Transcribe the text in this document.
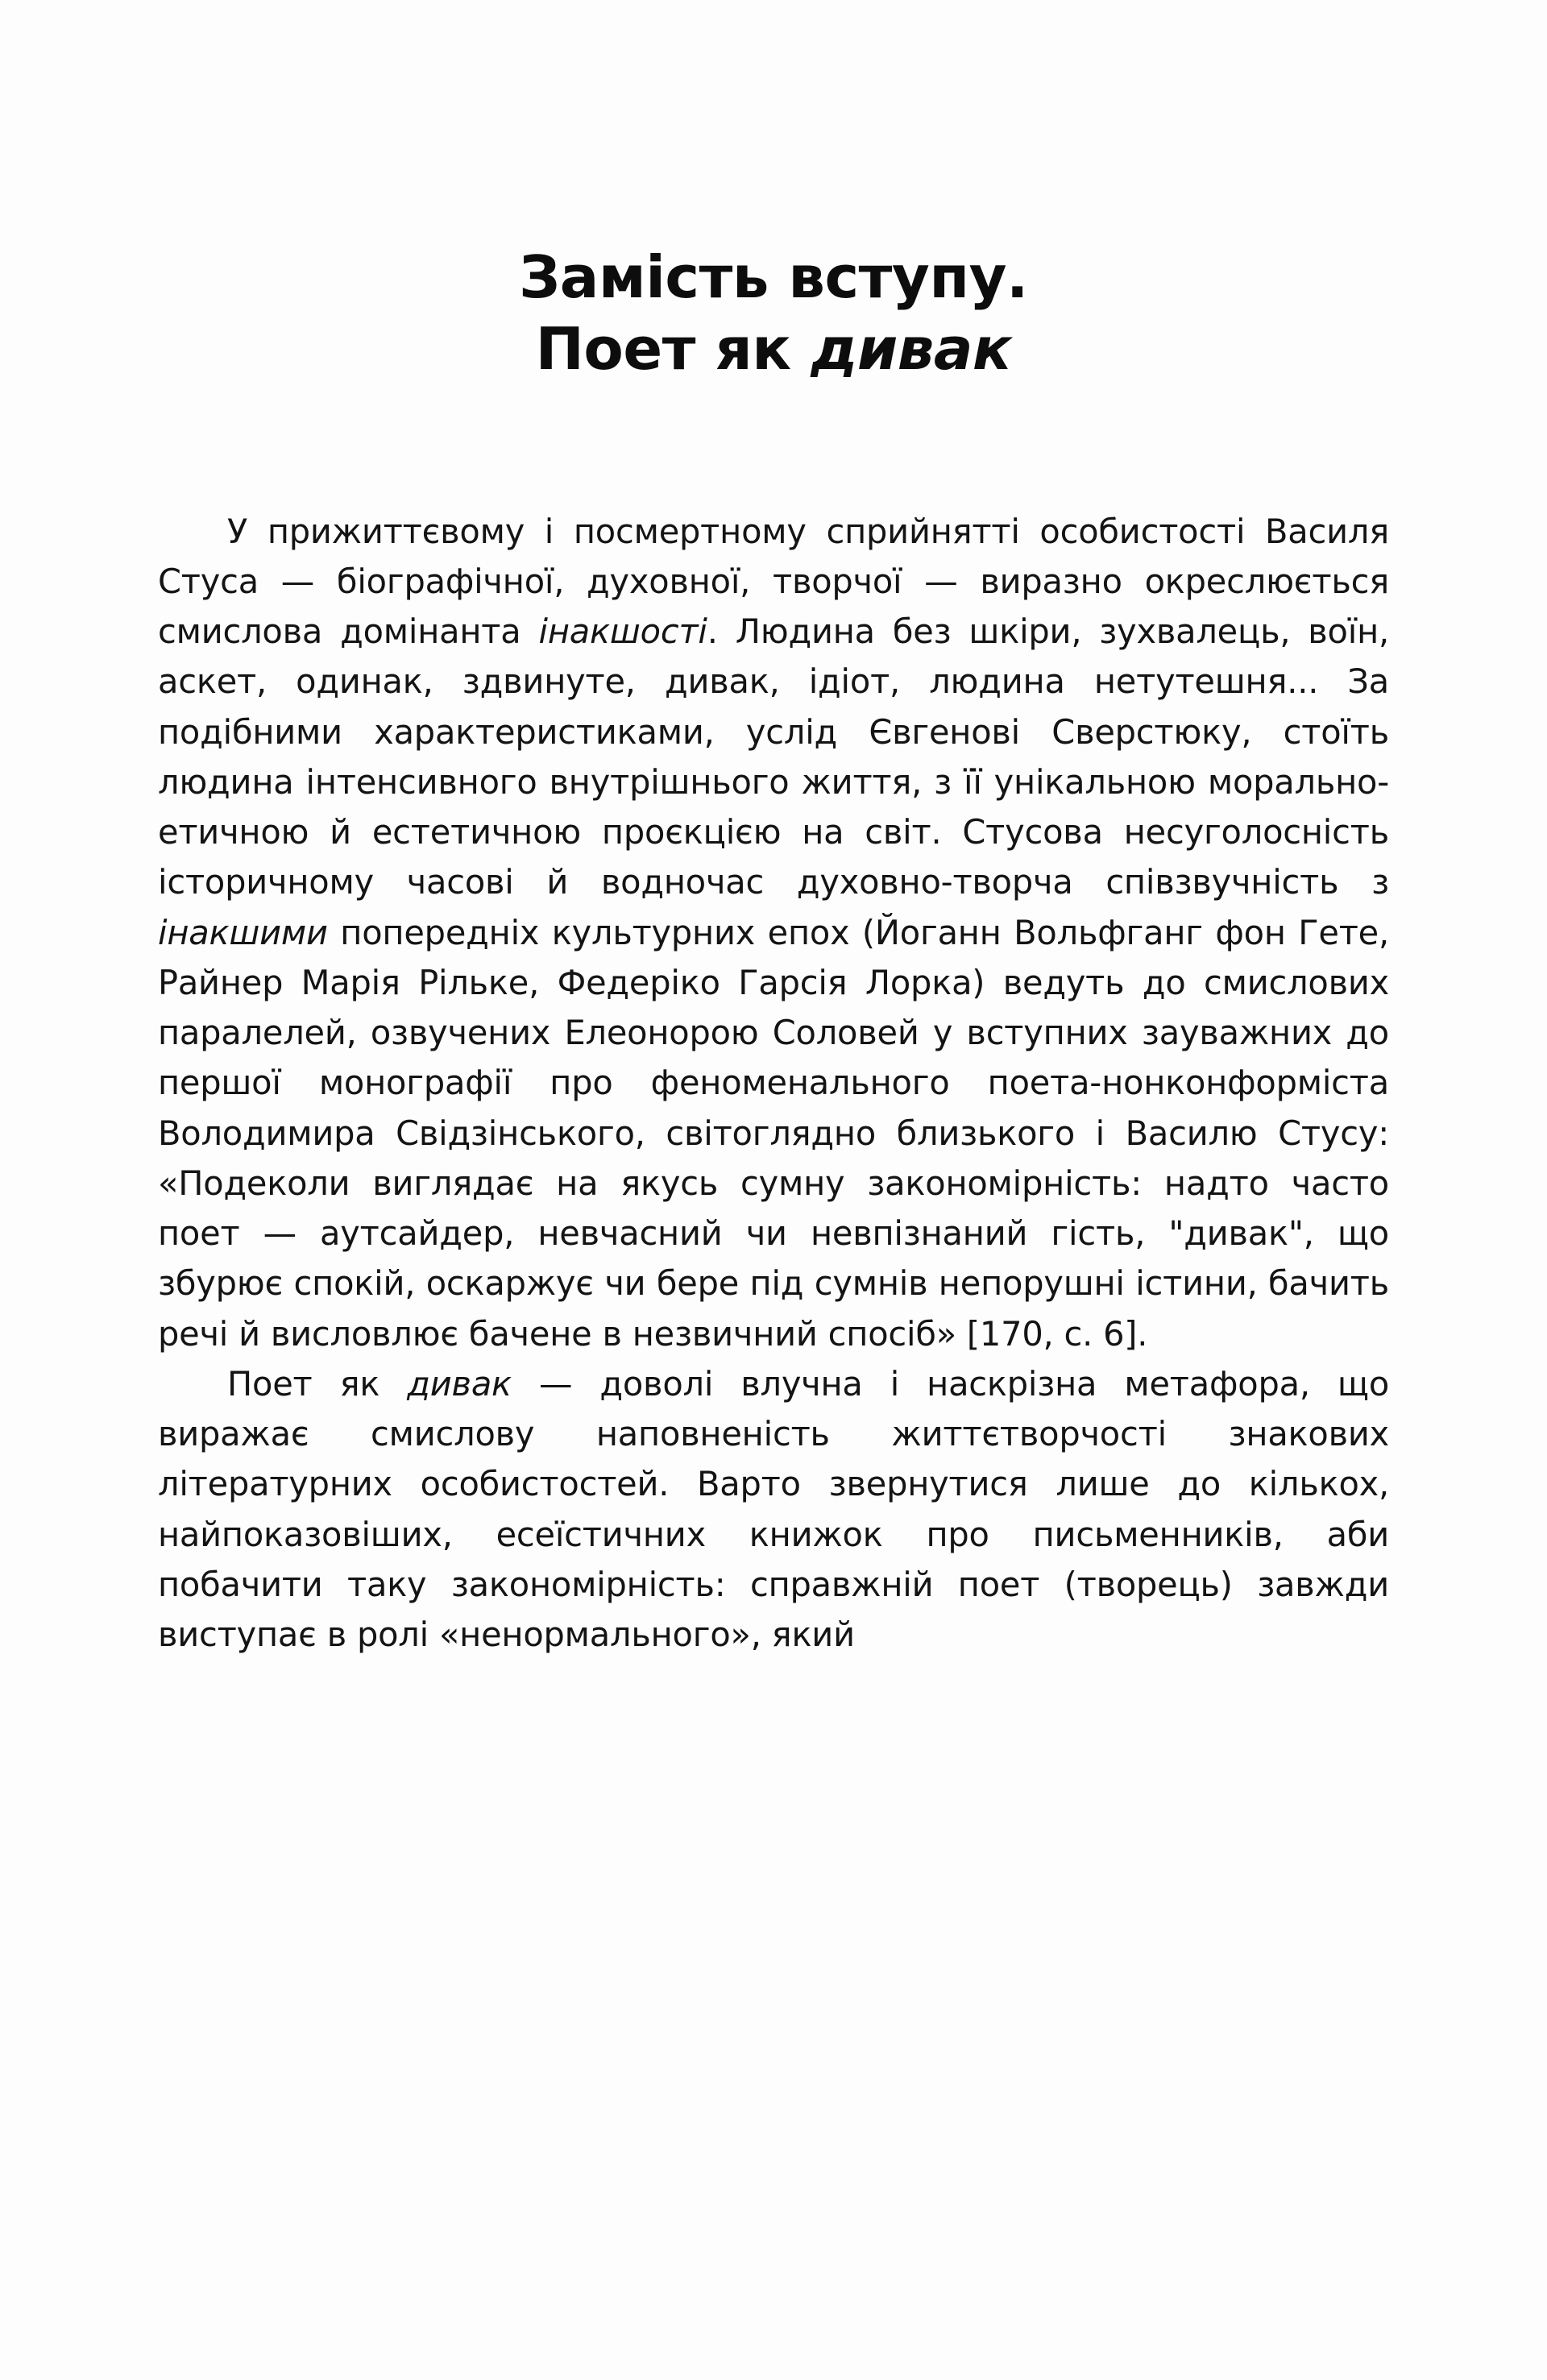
Замість вступу.
Поет як дивак

У прижиттєвому і посмертному сприйнятті особистості Василя Стуса — біографічної, духовної, творчої — виразно окреслюється смислова домінанта інакшості. Людина без шкіри, зухвалець, воїн, аскет, одинак, здвинуте, дивак, ідіот, людина нетутешня... За подібними характеристиками, услід Євгенові Сверстюку, стоїть людина інтенсивного внутрішнього життя, з її унікальною морально-етичною й естетичною проєкцією на світ. Стусова несуголосність історичному часові й водночас духовно-творча співзвучність з інакшими попередніх культурних епох (Йоганн Вольфганг фон Гете, Райнер Марія Рільке, Федеріко Гарсія Лорка) ведуть до смислових паралелей, озвучених Елеонорою Соловей у вступних зауважних до першої монографії про феноменального поета-нонконформіста Володимира Свідзінського, світоглядно близького і Василю Стусу: «Подеколи виглядає на якусь сумну закономірність: надто часто поет — аутсайдер, невчасний чи невпізнаний гість, "дивак", що збурює спокій, оскаржує чи бере під сумнів непорушні істини, бачить речі й висловлює бачене в незвичний спосіб» [170, с. 6].

Поет як дивак — доволі влучна і наскрізна метафора, що виражає смислову наповненість життєтворчості знакових літературних особистостей. Варто звернутися лише до кількох, найпоказовіших, есеїстичних книжок про письменників, аби побачити таку закономірність: справжній поет (творець) завжди виступає в ролі «ненормального», який
